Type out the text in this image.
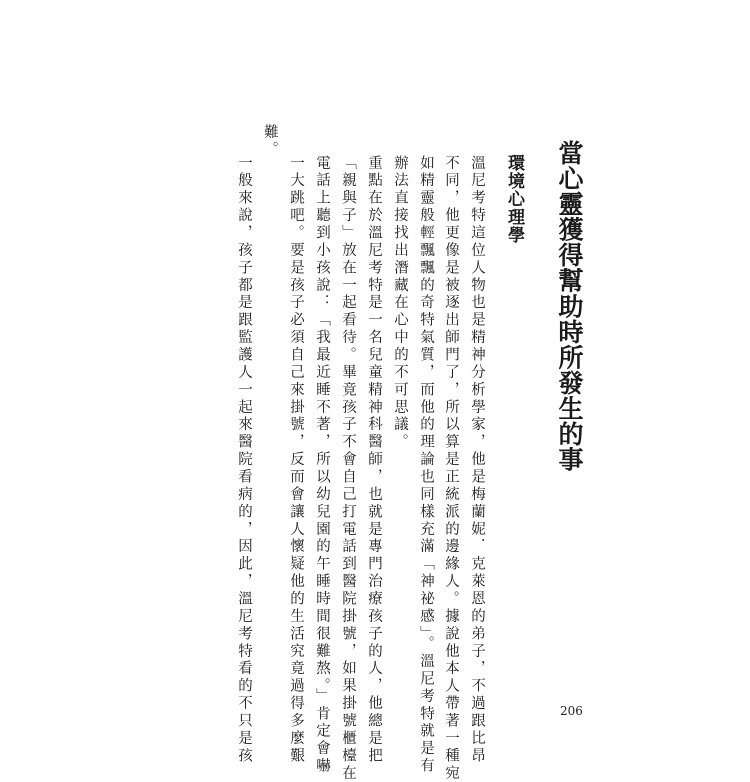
當心靈獲得幫助時所發生的事
環境心理學
溫尼考特這位人物也是精神分析學家，他是梅蘭妮．克萊恩的弟子，不過跟比昂
不同，他更像是被逐出師門了，所以算是正統派的邊緣人。據說他本人帶著一種宛
如精靈般輕飄飄的奇特氣質，而他的理論也同樣充滿「神祕感」。溫尼考特就是有
辦法直接找出潛藏在心中的不可思議。
重點在於溫尼考特是一名兒童精神科醫師，也就是專門治療孩子的人，他總是把
「親與子」放在一起看待。畢竟孩子不會自己打電話到醫院掛號，如果掛號櫃檯在
電話上聽到小孩說：「我最近睡不著，所以幼兒園的午睡時間很難熬。」肯定會嚇
一大跳吧。要是孩子必須自己來掛號，反而會讓人懷疑他的生活究竟過得多麼艱
難。
一般來說，孩子都是跟監護人一起來醫院看病的，因此，溫尼考特看的不只是孩	206
